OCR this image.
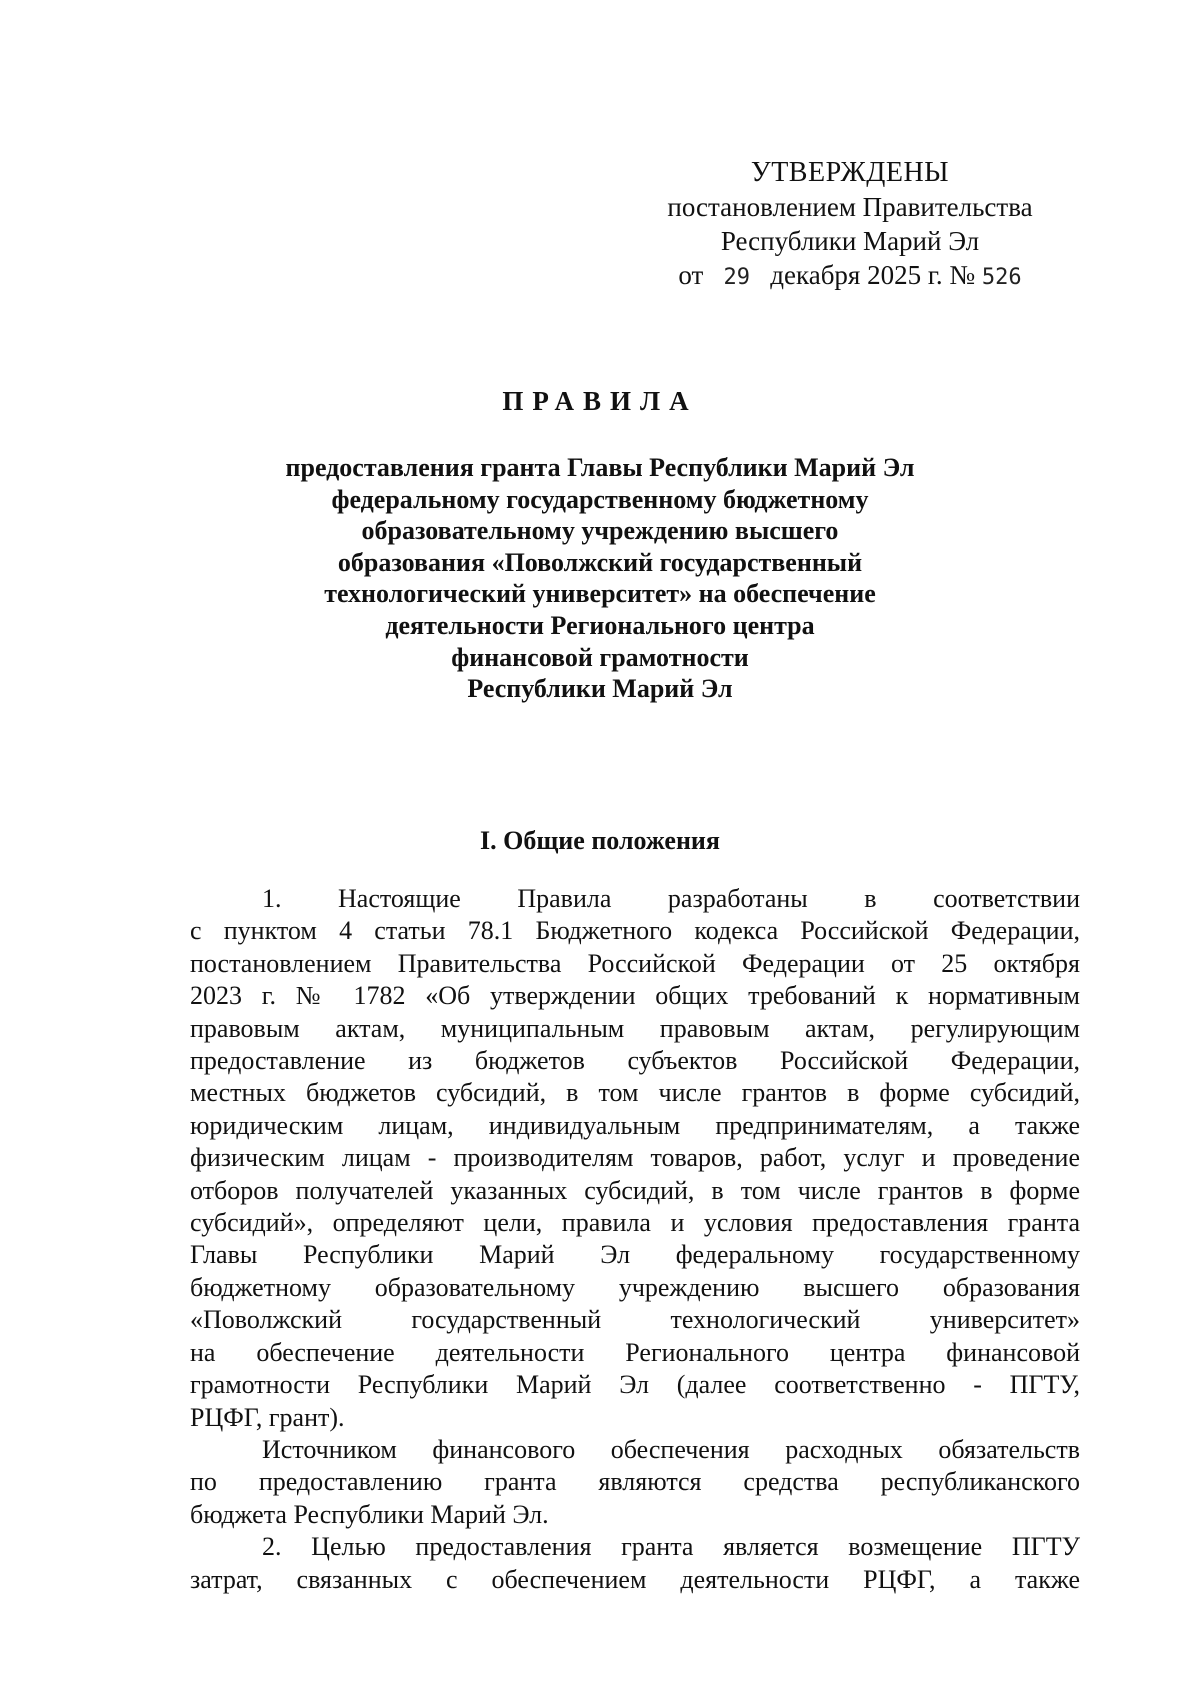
УТВЕРЖДЕНЫ
постановлением Правительства
Республики Марий Эл
от 29 декабря 2025 г. № 526
ПРАВИЛА
предоставления гранта Главы Республики Марий Эл
федеральному государственному бюджетному
образовательному учреждению высшего
образования «Поволжский государственный
технологический университет» на обеспечение
деятельности Регионального центра
финансовой грамотности
Республики Марий Эл
I. Общие положения
1. Настоящие Правила разработаны в соответствии
с пунктом 4 статьи 78.1 Бюджетного кодекса Российской Федерации,
постановлением Правительства Российской Федерации от 25 октября
2023 г. № 1782 «Об утверждении общих требований к нормативным
правовым актам, муниципальным правовым актам, регулирующим
предоставление из бюджетов субъектов Российской Федерации,
местных бюджетов субсидий, в том числе грантов в форме субсидий,
юридическим лицам, индивидуальным предпринимателям, а также
физическим лицам - производителям товаров, работ, услуг и проведение
отборов получателей указанных субсидий, в том числе грантов в форме
субсидий», определяют цели, правила и условия предоставления гранта
Главы Республики Марий Эл федеральному государственному
бюджетному образовательному учреждению высшего образования
«Поволжский государственный технологический университет»
на обеспечение деятельности Регионального центра финансовой
грамотности Республики Марий Эл (далее соответственно - ПГТУ,
РЦФГ, грант).
Источником финансового обеспечения расходных обязательств
по предоставлению гранта являются средства республиканского
бюджета Республики Марий Эл.
2. Целью предоставления гранта является возмещение ПГТУ
затрат, связанных с обеспечением деятельности РЦФГ, а также
